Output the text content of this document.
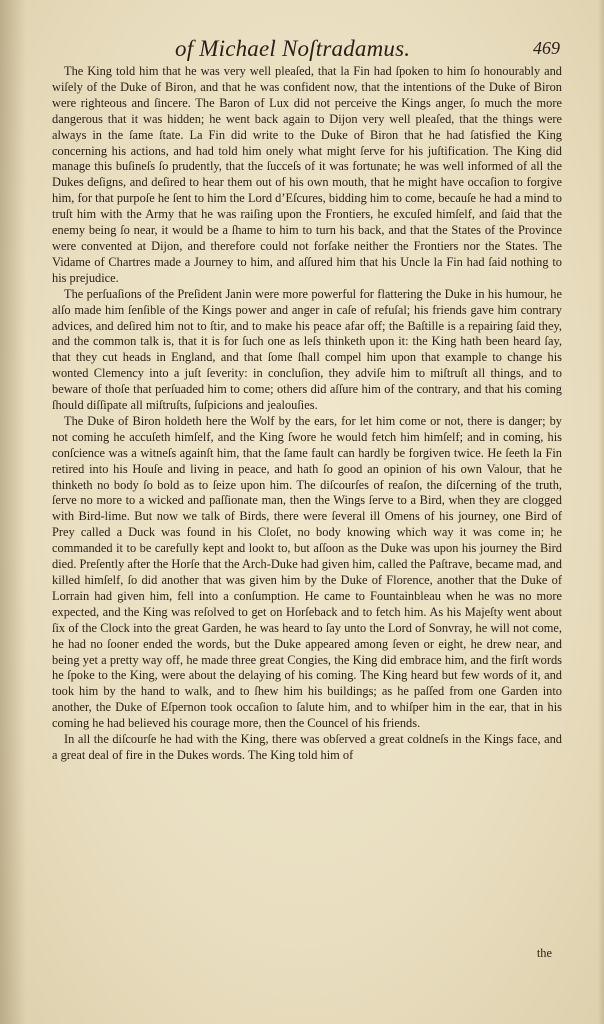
of Michael Noſtradamus.	469

The King told him that he was very well pleaſed, that la Fin had ſpoken to him ſo honourably and wiſely of the Duke of Biron, and that he was confident now, that the intentions of the Duke of Biron were righteous and ſincere. The Baron of Lux did not perceive the Kings anger, ſo much the more dangerous that it was hidden; he went back again to Dijon very well pleaſed, that the things were always in the ſame ſtate. La Fin did write to the Duke of Biron that he had ſatisfied the King concerning his actions, and had told him onely what might ſerve for his juſtification. The King did manage this buſineſs ſo prudently, that the ſucceſs of it was fortunate; he was well informed of all the Dukes deſigns, and deſired to hear them out of his own mouth, that he might have occaſion to forgive him, for that purpoſe he ſent to him the Lord d’Eſcures, bidding him to come, becauſe he had a mind to truſt him with the Army that he was raiſing upon the Frontiers, he excuſed himſelf, and ſaid that the enemy being ſo near, it would be a ſhame to him to turn his back, and that the States of the Province were convented at Dijon, and therefore could not forſake neither the Frontiers nor the States. The Vidame of Chartres made a Journey to him, and aſſured him that his Uncle la Fin had ſaid nothing to his prejudice.

The perſuaſions of the Preſident Janin were more powerful for flattering the Duke in his humour, he alſo made him ſenſible of the Kings power and anger in caſe of refuſal; his friends gave him contrary advices, and deſired him not to ſtir, and to make his peace afar off; the Baſtille is a repairing ſaid they, and the common talk is, that it is for ſuch one as leſs thinketh upon it: the King hath been heard ſay, that they cut heads in England, and that ſome ſhall compel him upon that example to change his wonted Clemency into a juſt ſeverity: in concluſion, they adviſe him to miſtruſt all things, and to beware of thoſe that perſuaded him to come; others did aſſure him of the contrary, and that his coming ſhould diſſipate all miſtruſts, ſuſpicions and jealouſies.

The Duke of Biron holdeth here the Wolf by the ears, for let him come or not, there is danger; by not coming he accuſeth himſelf, and the King ſwore he would fetch him himſelf; and in coming, his conſcience was a witneſs againſt him, that the ſame fault can hardly be forgiven twice. He ſeeth la Fin retired into his Houſe and living in peace, and hath ſo good an opinion of his own Valour, that he thinketh no body ſo bold as to ſeize upon him. The diſcourſes of reaſon, the diſcerning of the truth, ſerve no more to a wicked and paſſionate man, then the Wings ſerve to a Bird, when they are clogged with Bird-lime. But now we talk of Birds, there were ſeveral ill Omens of his journey, one Bird of Prey called a Duck was found in his Cloſet, no body knowing which way it was come in; he commanded it to be carefully kept and lookt to, but aſſoon as the Duke was upon his journey the Bird died. Preſently after the Horſe that the Arch-Duke had given him, called the Paſtrave, became mad, and killed himſelf, ſo did another that was given him by the Duke of Florence, another that the Duke of Lorrain had given him, fell into a conſumption. He came to Fountainbleau when he was no more expected, and the King was reſolved to get on Horſeback and to fetch him. As his Majeſty went about ſix of the Clock into the great Garden, he was heard to ſay unto the Lord of Sonvray, he will not come, he had no ſooner ended the words, but the Duke appeared among ſeven or eight, he drew near, and being yet a pretty way off, he made three great Congies, the King did embrace him, and the firſt words he ſpoke to the King, were about the delaying of his coming. The King heard but few words of it, and took him by the hand to walk, and to ſhew him his buildings; as he paſſed from one Garden into another, the Duke of Eſpernon took occaſion to ſalute him, and to whiſper him in the ear, that in his coming he had believed his courage more, then the Councel of his friends.

In all the diſcourſe he had with the King, there was obſerved a great coldneſs in the Kings face, and a great deal of fire in the Dukes words. The King told him of

the
